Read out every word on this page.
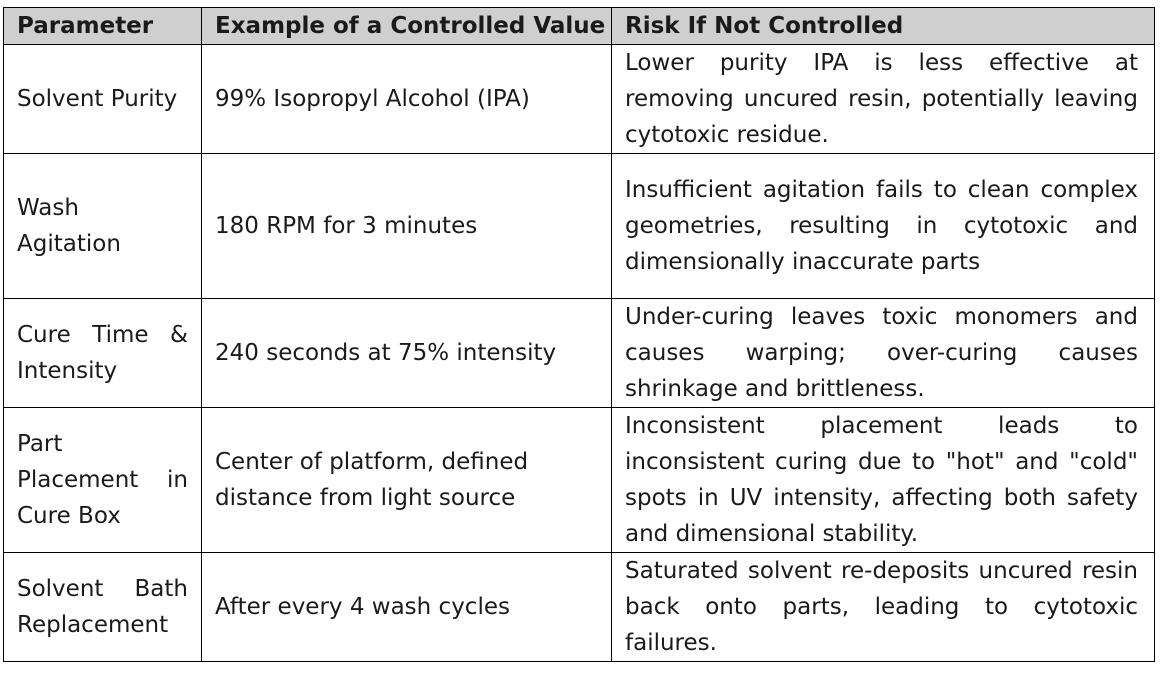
Parameter	Example of a Controlled Value	Risk If Not Controlled
Solvent Purity	99% Isopropyl Alcohol (IPA)	Lower purity IPA is less effective at removing uncured resin, potentially leaving cytotoxic residue.
Wash Agitation	180 RPM for 3 minutes	Insufficient agitation fails to clean complex geometries, resulting in cytotoxic and dimensionally inaccurate parts
Cure Time & Intensity	240 seconds at 75% intensity	Under-curing leaves toxic monomers and causes warping; over-curing causes shrinkage and brittleness.
Part Placement in Cure Box	Center of platform, defined distance from light source	Inconsistent placement leads to inconsistent curing due to "hot" and "cold" spots in UV intensity, affecting both safety and dimensional stability.
Solvent Bath Replacement	After every 4 wash cycles	Saturated solvent re-deposits uncured resin back onto parts, leading to cytotoxic failures.
